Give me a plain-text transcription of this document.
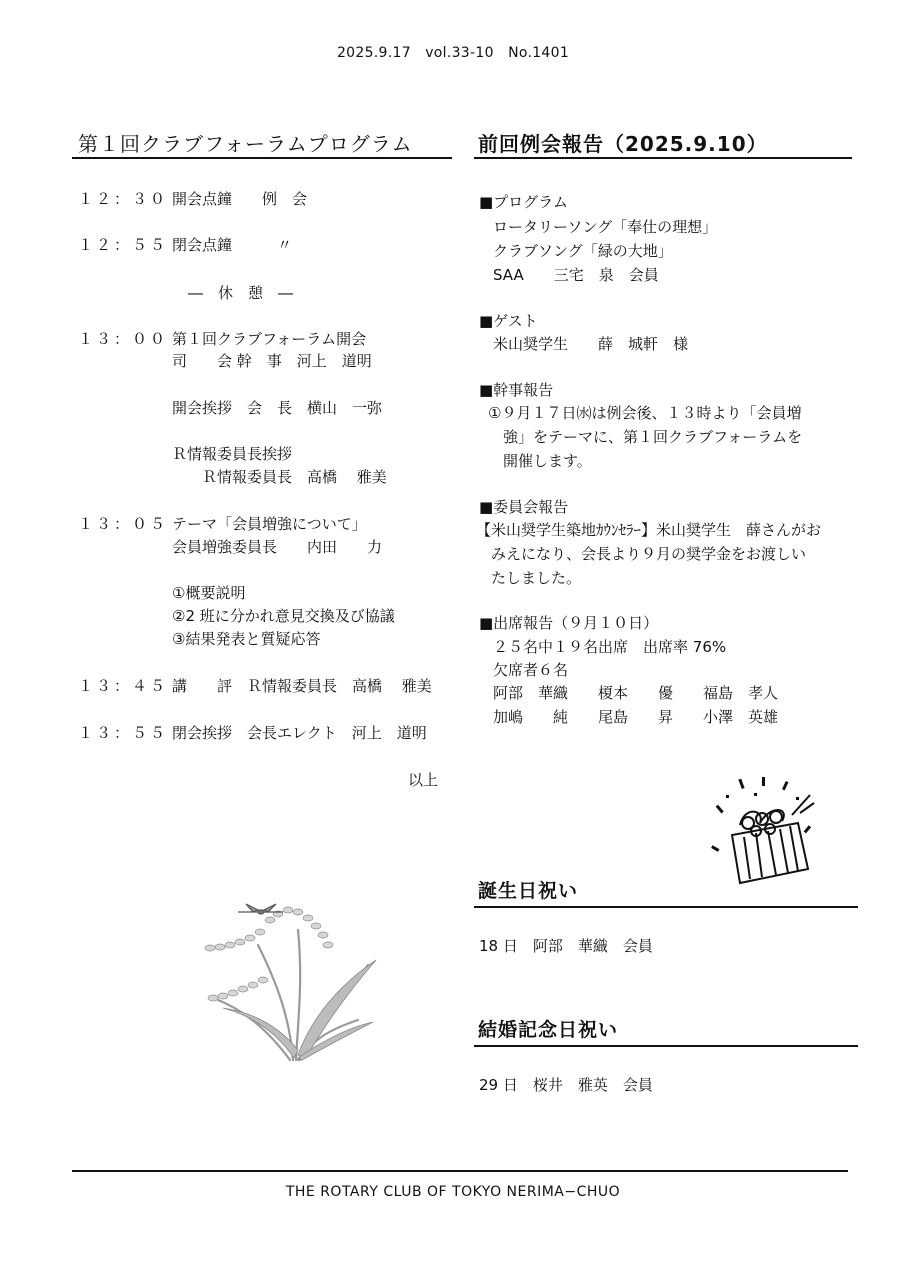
2025.9.17　vol.33-10　No.1401
第１回クラブフォーラムプログラム
１２：３０ 開会点鐘　　例　会
１２：５５ 閉会点鐘　　　〃
―　休　憩　―
１３：００ 第１回クラブフォーラム開会
司　　会 幹　事　河上　道明
開会挨拶　会　長　横山　一弥
Ｒ情報委員長挨拶
　　Ｒ情報委員長　高橋　 雅美
１３：０５ テーマ「会員増強について」
会員増強委員長　　内田　　力
①概要説明
②2 班に分かれ意見交換及び協議
③結果発表と質疑応答
１３：４５ 講　　評　Ｒ情報委員長　高橋　 雅美
１３：５５ 閉会挨拶　会長エレクト　河上　道明
以上
前回例会報告（2025.9.10）
■プログラム
ロータリーソング「奉仕の理想」
クラブソング「緑の大地」
SAA　　三宅　泉　会員
■ゲスト
米山奨学生　　薛　城軒　様
■幹事報告
①９月１７日㈬は例会後、１３時より「会員増
　強」をテーマに、第１回クラブフォーラムを
　開催します。
■委員会報告
【米山奨学生築地ｶｳﾝｾﾗｰ】米山奨学生　薛さんがお
　みえになり、会長より９月の奨学金をお渡しい
　たしました。
■出席報告（９月１０日）
２５名中１９名出席　出席率 76%
欠席者６名
阿部　華織　　榎本　　優　　福島　孝人
加嶋　　純　　尾島　　昇　　小澤　英雄
誕生日祝い
18 日　阿部　華織　会員
結婚記念日祝い
29 日　桜井　雅英　会員
THE ROTARY CLUB OF TOKYO NERIMA−CHUO
